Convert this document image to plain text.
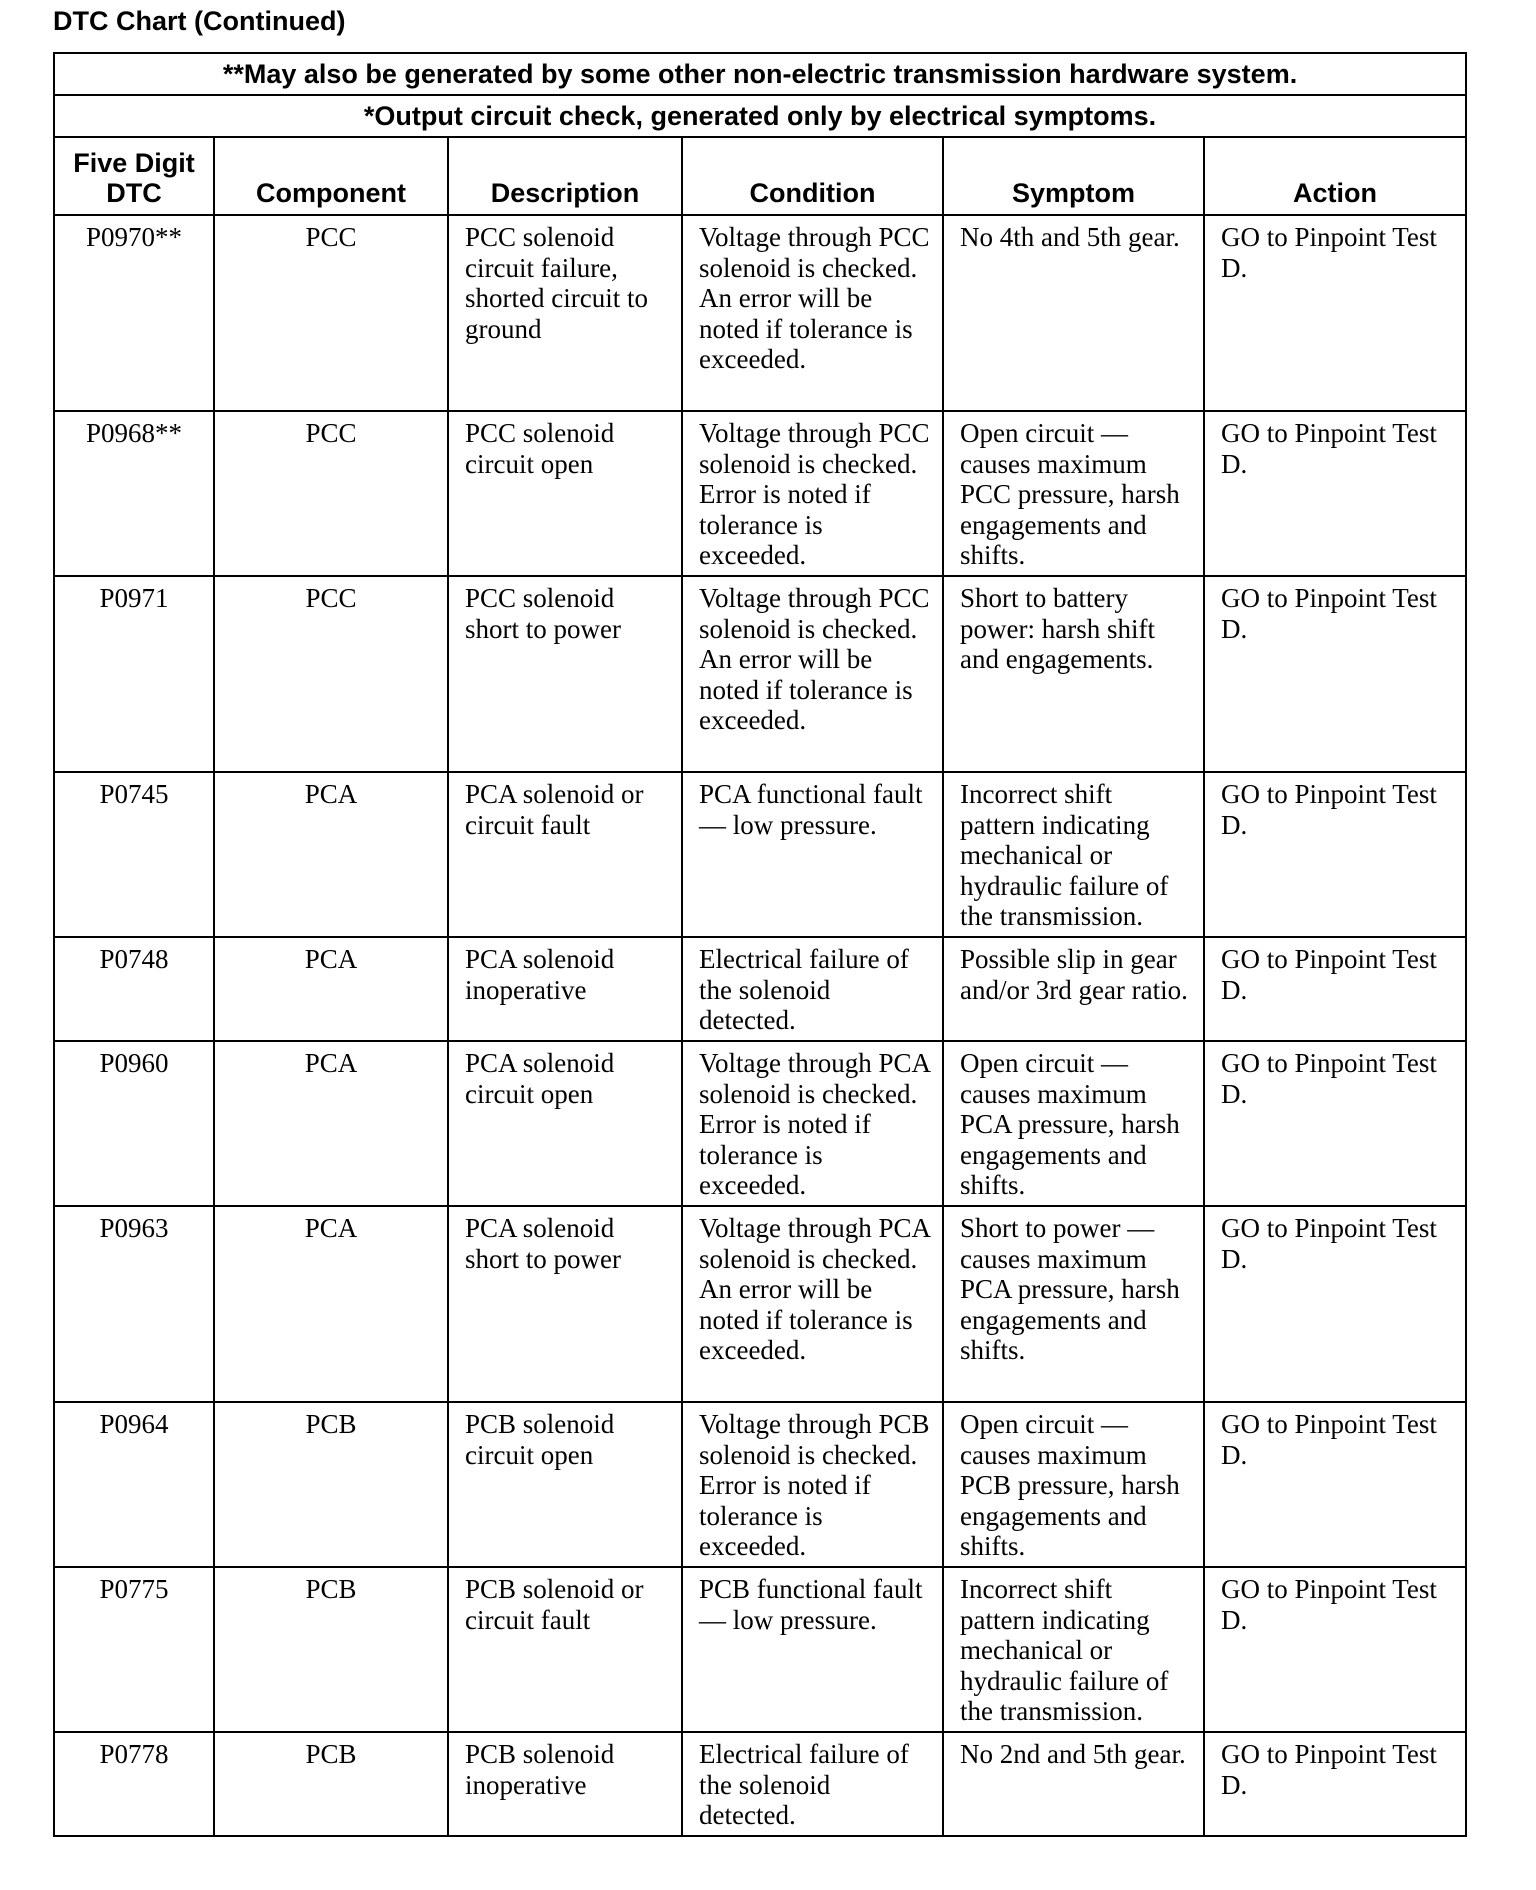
DTC Chart (Continued)
**May also be generated by some other non-electric transmission hardware system.					
*Output circuit check, generated only by electrical symptoms.					
Five Digit
DTC	Component	Description	Condition	Symptom	Action
P0970**	PCC	PCC solenoid circuit failure, shorted circuit to ground	Voltage through PCC solenoid is checked. An error will be noted if tolerance is exceeded.	No 4th and 5th gear.	GO to Pinpoint Test D.
P0968**	PCC	PCC solenoid circuit open	Voltage through PCC solenoid is checked. Error is noted if tolerance is exceeded.	Open circuit — causes maximum PCC pressure, harsh engagements and shifts.	GO to Pinpoint Test D.
P0971	PCC	PCC solenoid short to power	Voltage through PCC solenoid is checked. An error will be noted if tolerance is exceeded.	Short to battery power: harsh shift and engagements.	GO to Pinpoint Test D.
P0745	PCA	PCA solenoid or circuit fault	PCA functional fault — low pressure.	Incorrect shift pattern indicating mechanical or hydraulic failure of the transmission.	GO to Pinpoint Test D.
P0748	PCA	PCA solenoid inoperative	Electrical failure of the solenoid detected.	Possible slip in gear and/or 3rd gear ratio.	GO to Pinpoint Test D.
P0960	PCA	PCA solenoid circuit open	Voltage through PCA solenoid is checked. Error is noted if tolerance is exceeded.	Open circuit — causes maximum PCA pressure, harsh engagements and shifts.	GO to Pinpoint Test D.
P0963	PCA	PCA solenoid short to power	Voltage through PCA solenoid is checked. An error will be noted if tolerance is exceeded.	Short to power — causes maximum PCA pressure, harsh engagements and shifts.	GO to Pinpoint Test D.
P0964	PCB	PCB solenoid circuit open	Voltage through PCB solenoid is checked. Error is noted if tolerance is exceeded.	Open circuit — causes maximum PCB pressure, harsh engagements and shifts.	GO to Pinpoint Test D.
P0775	PCB	PCB solenoid or circuit fault	PCB functional fault — low pressure.	Incorrect shift pattern indicating mechanical or hydraulic failure of the transmission.	GO to Pinpoint Test D.
P0778	PCB	PCB solenoid inoperative	Electrical failure of the solenoid detected.	No 2nd and 5th gear.	GO to Pinpoint Test D.
